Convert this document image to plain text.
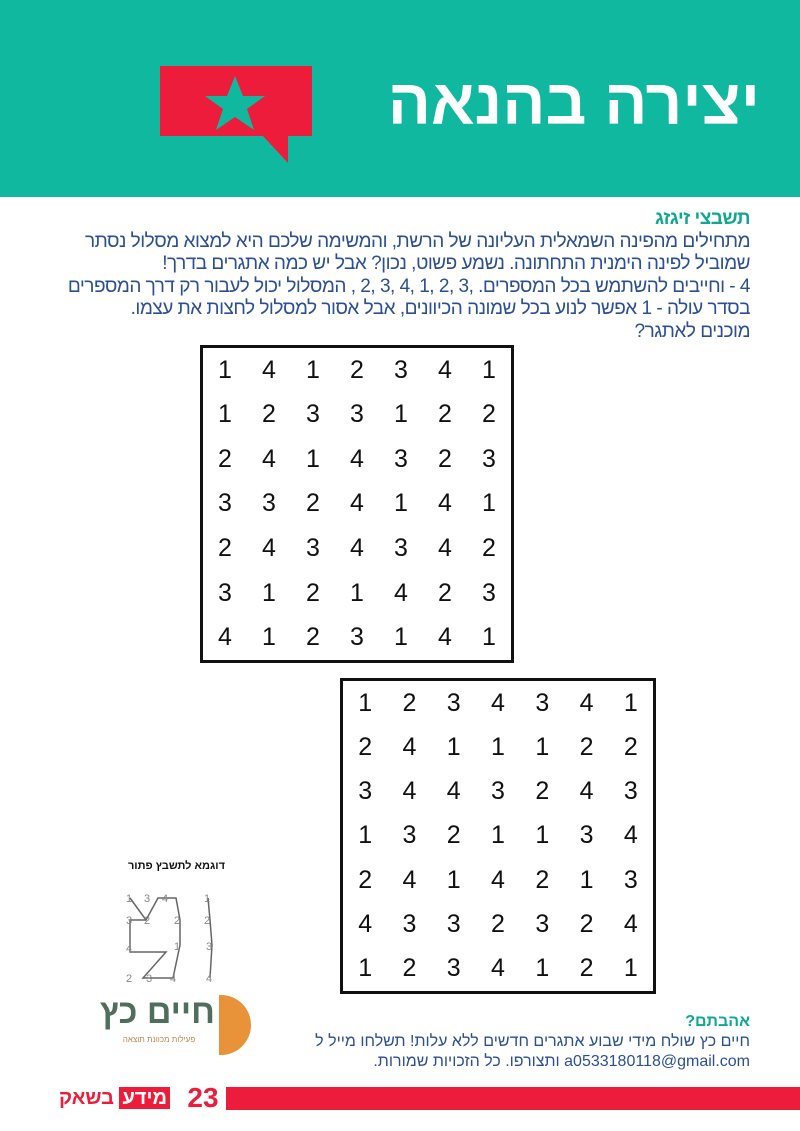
יצירה בהנאה
תשבצי זיגזג
מתחילים מהפינה השמאלית העליונה של הרשת, והמשימה שלכם היא למצוא מסלול נסתר
שמוביל לפינה הימנית התחתונה. נשמע פשוט, נכון? אבל יש כמה אתגרים בדרך!
4 - וחייבים להשתמש בכל המספרים. ,3 ,2 ,1 ,4 ,3 ,2 , המסלול יכול לעבור רק דרך המספרים
בסדר עולה - 1 אפשר לנוע בכל שמונה הכיוונים, אבל אסור למסלול לחצות את עצמו.
מוכנים לאתגר?
1 4 1 2 3 4 1
1 2 3 3 1 2 2
2 4 1 4 3 2 3
3 3 2 4 1 4 1
2 4 3 4 3 4 2
3 1 2 1 4 2 3
4 1 2 3 1 4 1
1 2 3 4 3 4 1
2 4 1 1 1 2 2
3 4 4 3 2 4 3
1 3 2 1 1 3 4
2 4 1 4 2 1 3
4 3 3 2 3 2 4
1 2 3 4 1 2 1
דוגמא לתשבץ פתור
1 3 4	1
3 2 2 2
4	1 3
2 3 4	4
חיים כץ
פעילות מכוונת תוצאה
אהבתם?
חיים כץ שולח מידי שבוע אתגרים חדשים ללא עלות! תשלחו מייל ל
a0533180118@gmail.com ותצורפו. כל הזכויות שמורות.
23
מידע בשאק
